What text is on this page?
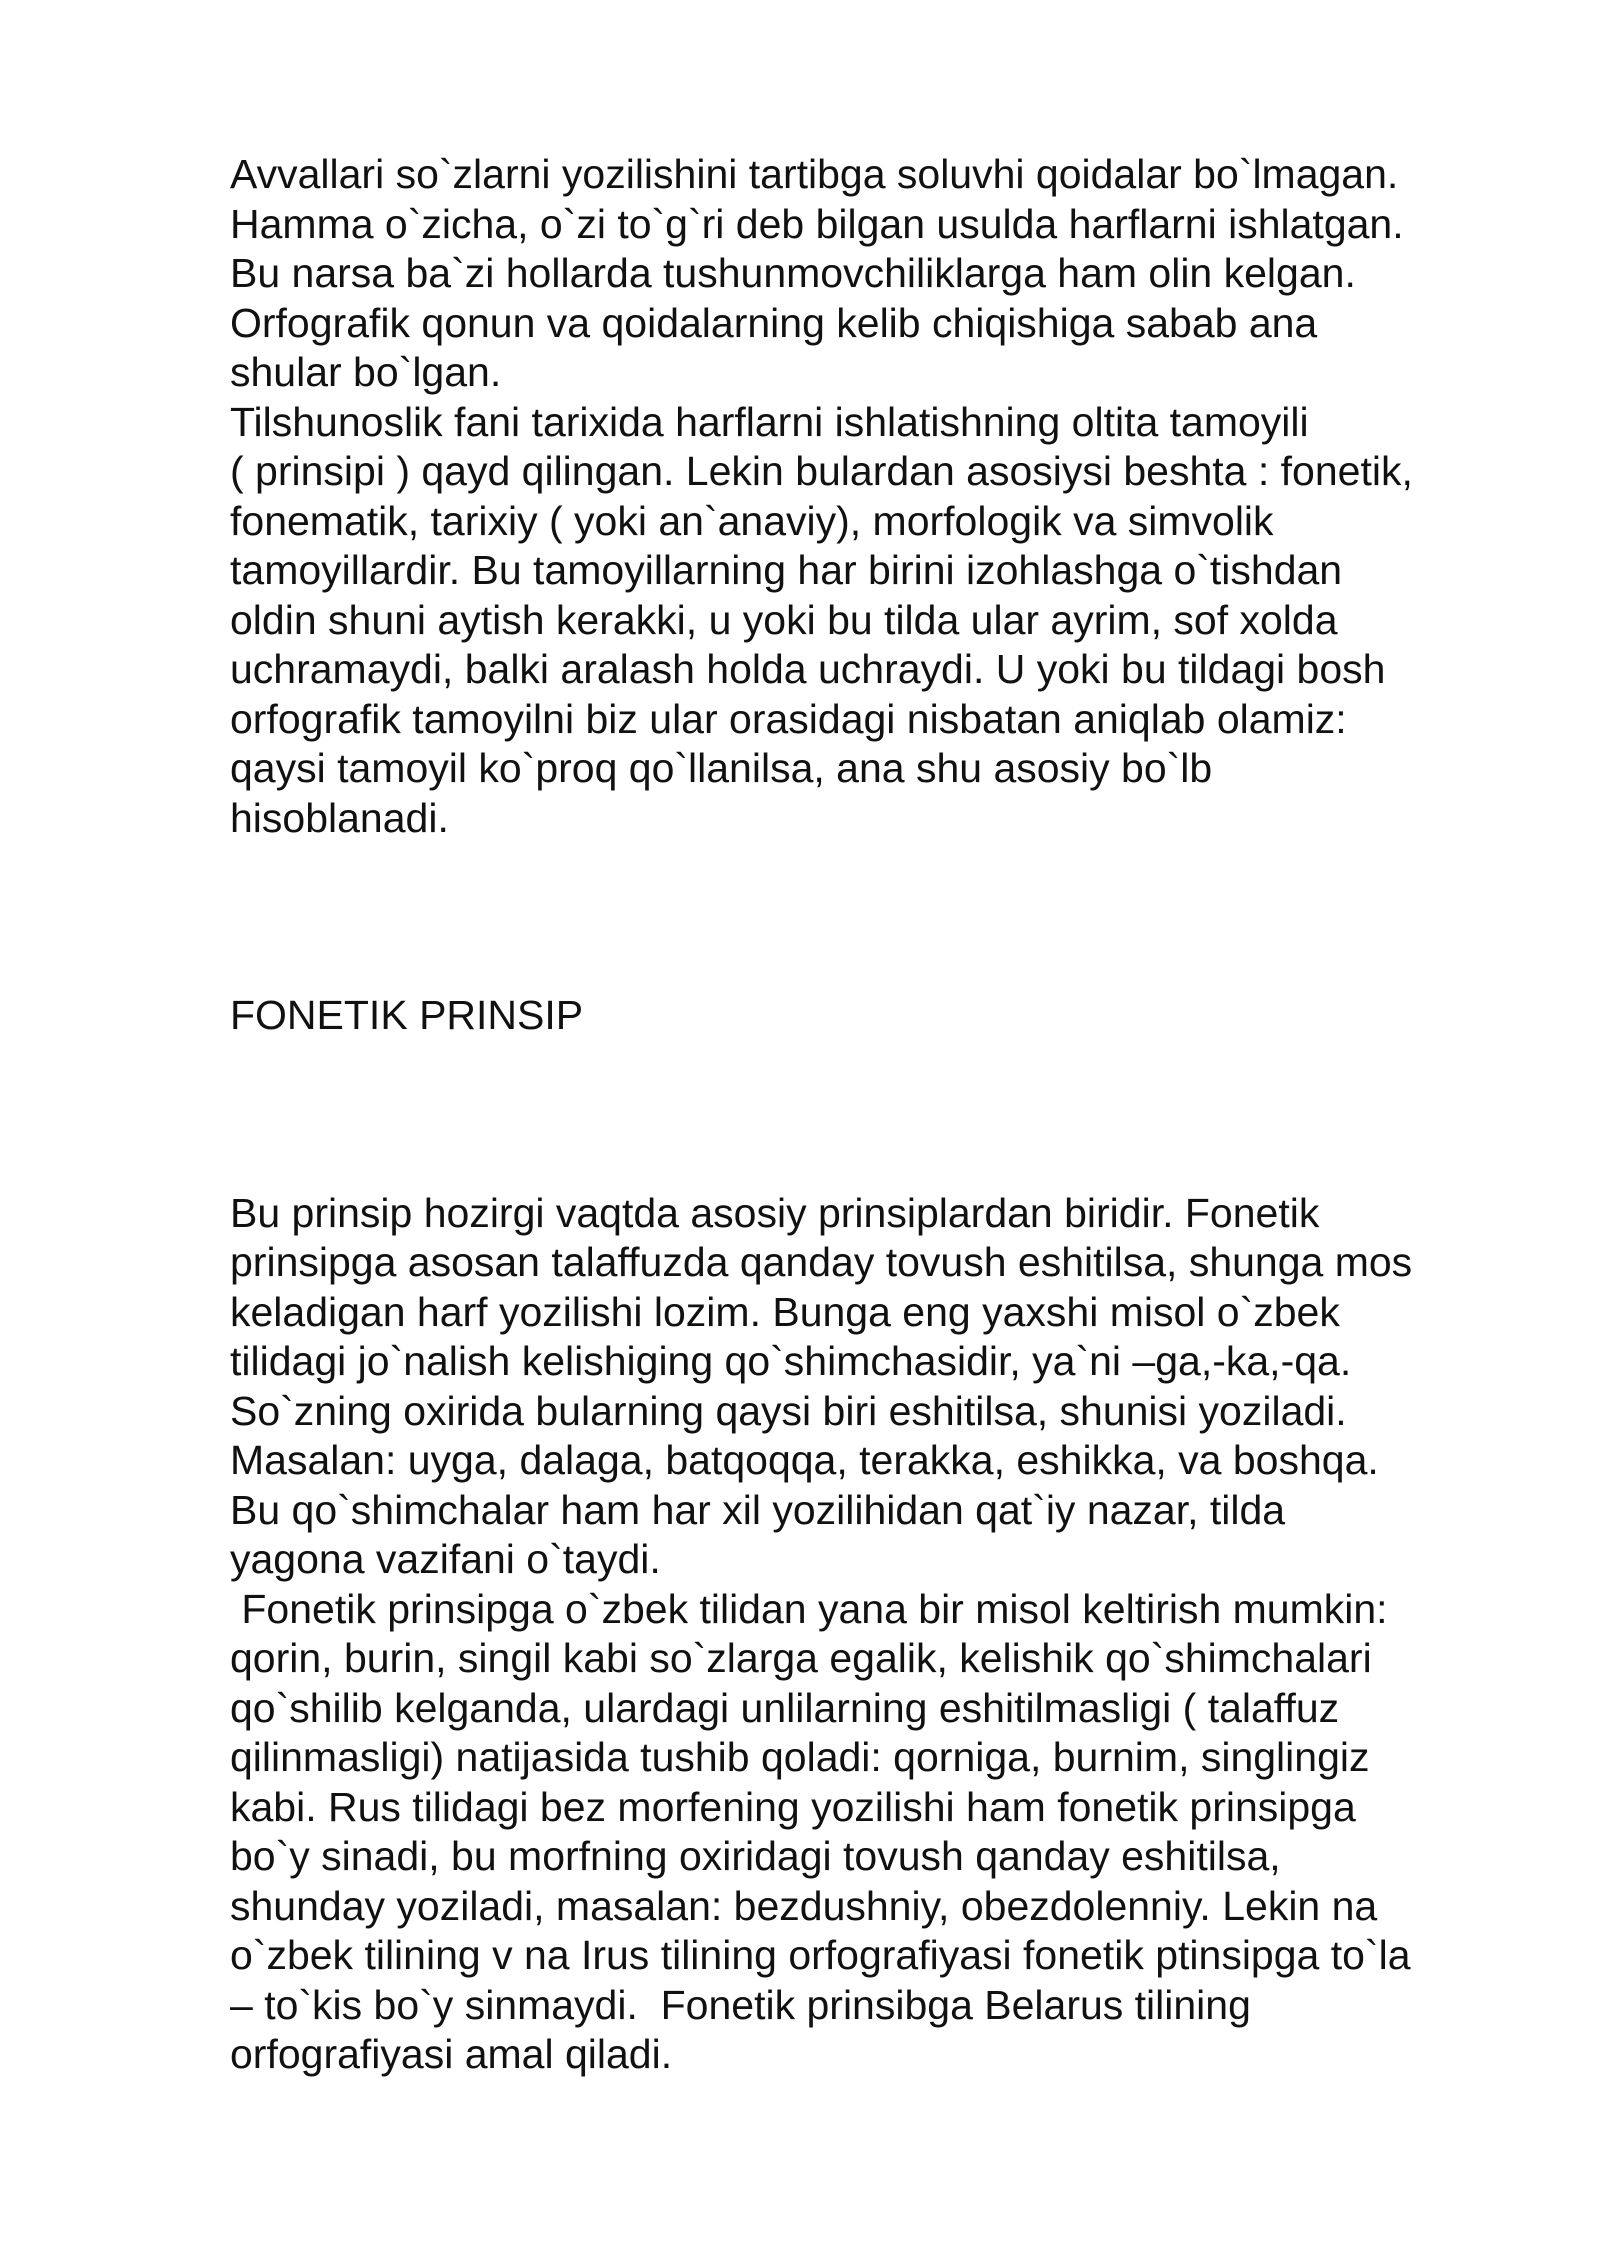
Avvallari so`zlarni yozilishini tartibga soluvhi qoidalar bo`lmagan.
Hamma o`zicha, o`zi to`g`ri deb bilgan usulda harflarni ishlatgan.
Bu narsa ba`zi hollarda tushunmovchiliklarga ham olin kelgan.
Orfografik qonun va qoidalarning kelib chiqishiga sabab ana
shular bo`lgan.
Tilshunoslik fani tarixida harflarni ishlatishning oltita tamoyili
( prinsipi ) qayd qilingan. Lekin bulardan asosiysi beshta : fonetik,
fonematik, tarixiy ( yoki an`anaviy), morfologik va simvolik
tamoyillardir. Bu tamoyillarning har birini izohlashga o`tishdan
oldin shuni aytish kerakki, u yoki bu tilda ular ayrim, sof xolda
uchramaydi, balki aralash holda uchraydi. U yoki bu tildagi bosh
orfografik tamoyilni biz ular orasidagi nisbatan aniqlab olamiz:
qaysi tamoyil ko`proq qo`llanilsa, ana shu asosiy bo`lb
hisoblanadi.
FONETIK PRINSIP
Bu prinsip hozirgi vaqtda asosiy prinsiplardan biridir. Fonetik
prinsipga asosan talaffuzda qanday tovush eshitilsa, shunga mos
keladigan harf yozilishi lozim. Bunga eng yaxshi misol o`zbek
tilidagi jo`nalish kelishiging qo`shimchasidir, ya`ni –ga,-ka,-qa.
So`zning oxirida bularning qaysi biri eshitilsa, shunisi yoziladi.
Masalan: uyga, dalaga, batqoqqa, terakka, eshikka, va boshqa.
Bu qo`shimchalar ham har xil yozilihidan qat`iy nazar, tilda
yagona vazifani o`taydi.
Fonetik prinsipga o`zbek tilidan yana bir misol keltirish mumkin:
qorin, burin, singil kabi so`zlarga egalik, kelishik qo`shimchalari
qo`shilib kelganda, ulardagi unlilarning eshitilmasligi ( talaffuz
qilinmasligi) natijasida tushib qoladi: qorniga, burnim, singlingiz
kabi. Rus tilidagi bez morfening yozilishi ham fonetik prinsipga
bo`y sinadi, bu morfning oxiridagi tovush qanday eshitilsa,
shunday yoziladi, masalan: bezdushniy, obezdolenniy. Lekin na
o`zbek tilining v na Irus tilining orfografiyasi fonetik ptinsipga to`la
– to`kis bo`y sinmaydi.  Fonetik prinsibga Belarus tilining
orfografiyasi amal qiladi.
